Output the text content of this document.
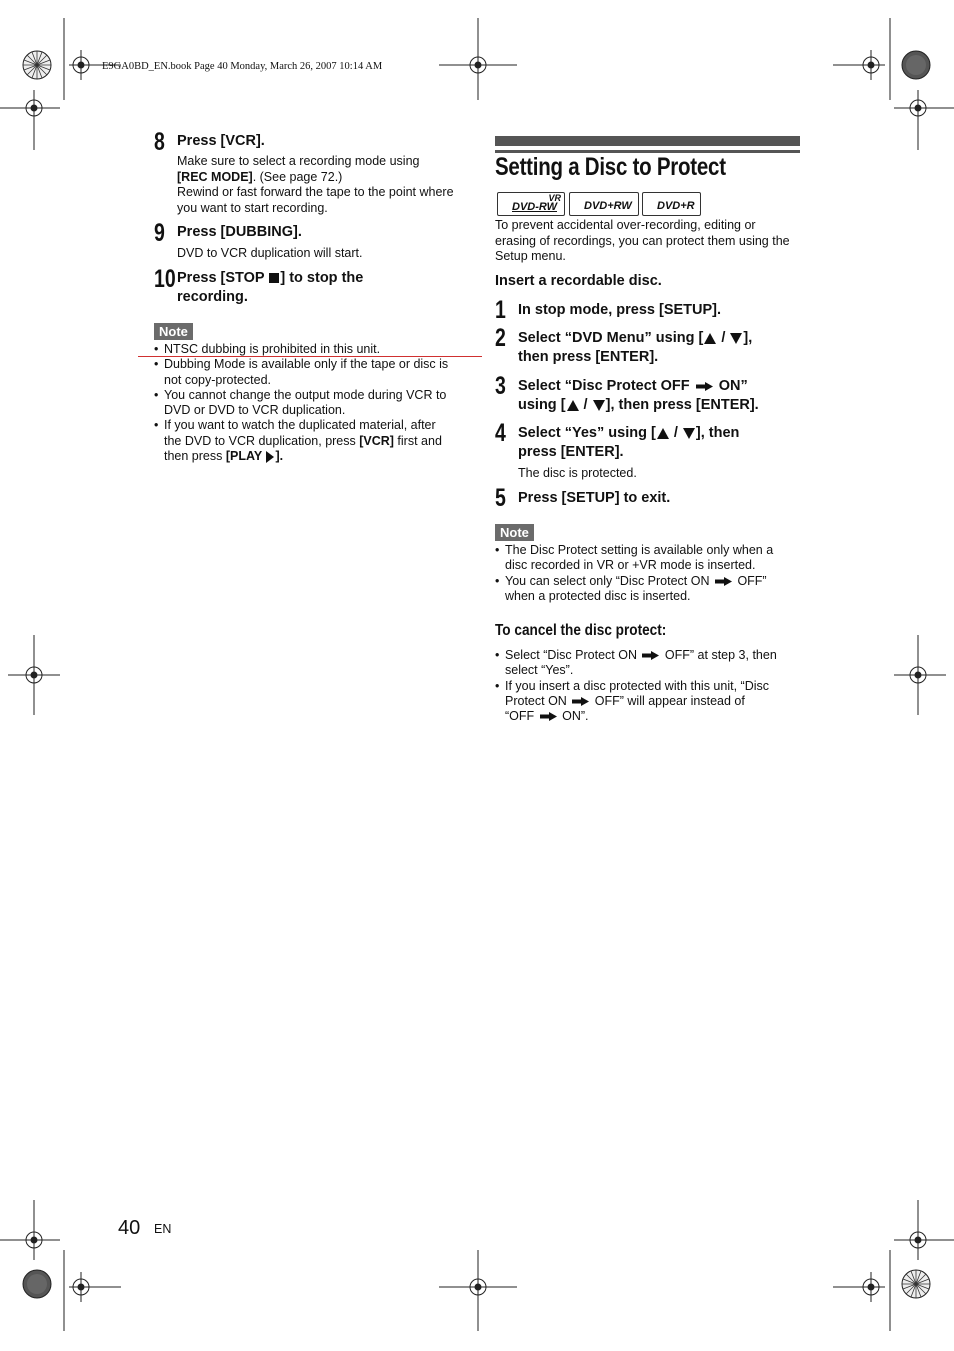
E9GA0BD_EN.book Page 40 Monday, March 26, 2007 10:14 AM
8 Press [VCR].
Make sure to select a recording mode using
[REC MODE]. (See page 72.)
Rewind or fast forward the tape to the point where
you want to start recording.
9 Press [DUBBING].
DVD to VCR duplication will start.
10 Press [STOP ] to stop the
recording.
Note
• NTSC dubbing is prohibited in this unit.
• Dubbing Mode is available only if the tape or disc is
not copy-protected.
• You cannot change the output mode during VCR to
DVD or DVD to VCR duplication.
• If you want to watch the duplicated material, after
the DVD to VCR duplication, press [VCR] first and
then press [PLAY ].
Setting a Disc to Protect
VR
DVD-RW DVD+RW DVD+R
To prevent accidental over-recording, editing or
erasing of recordings, you can protect them using the
Setup menu.
Insert a recordable disc.
1 In stop mode, press [SETUP].
2 Select “DVD Menu” using [ / ],
then press [ENTER].
3 Select “Disc Protect OFF  ON”
using [ / ], then press [ENTER].
4 Select “Yes” using [ / ], then
press [ENTER].
The disc is protected.
5 Press [SETUP] to exit.
Note
• The Disc Protect setting is available only when a
disc recorded in VR or +VR mode is inserted.
• You can select only “Disc Protect ON  OFF”
when a protected disc is inserted.
To cancel the disc protect:
• Select “Disc Protect ON  OFF” at step 3, then
select “Yes”.
• If you insert a disc protected with this unit, “Disc
Protect ON  OFF” will appear instead of
“OFF  ON”.
40 EN
